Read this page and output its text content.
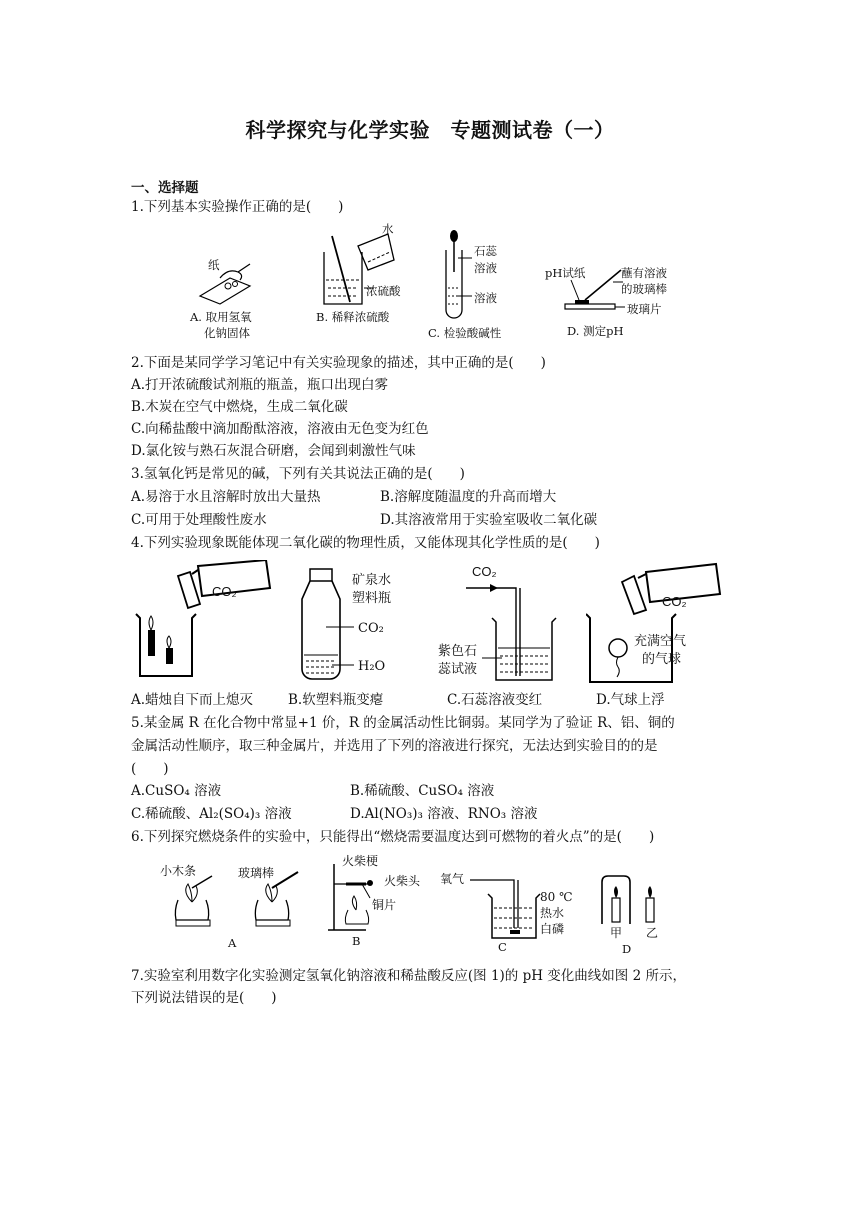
科学探究与化学实验　专题测试卷（一）
一、选择题
1.下列基本实验操作正确的是(　　)
纸
A. 取用氢氧
化钠固体
水
浓硫酸
B. 稀释浓硫酸
石蕊
溶液
溶液
C. 检验酸碱性
pH试纸	蘸有溶液
的玻璃棒
玻璃片
D. 测定pH
2.下面是某同学学习笔记中有关实验现象的描述，其中正确的是(　　)
A.打开浓硫酸试剂瓶的瓶盖，瓶口出现白雾
B.木炭在空气中燃烧，生成二氧化碳
C.向稀盐酸中滴加酚酞溶液，溶液由无色变为红色
D.氯化铵与熟石灰混合研磨，会闻到刺激性气味
3.氢氧化钙是常见的碱，下列有关其说法正确的是(　　)
A.易溶于水且溶解时放出大量热	B.溶解度随温度的升高而增大
C.可用于处理酸性废水	D.其溶液常用于实验室吸收二氧化碳
4.下列实验现象既能体现二氧化碳的物理性质，又能体现其化学性质的是(　　)
CO₂
矿泉水
塑料瓶
CO₂
H₂O
CO₂
紫色石
蕊试液
CO₂
充满空气
的气球
A.蜡烛自下而上熄灭	B.软塑料瓶变瘪	C.石蕊溶液变红	D.气球上浮
5.某金属 R 在化合物中常显+1 价，R 的金属活动性比铜弱。某同学为了验证 R、铝、铜的
金属活动性顺序，取三种金属片，并选用了下列的溶液进行探究，无法达到实验目的的是
(　　)
A.CuSO₄ 溶液	B.稀硫酸、CuSO₄ 溶液
C.稀硫酸、Al₂(SO₄)₃ 溶液	D.Al(NO₃)₃ 溶液、RNO₃ 溶液
6.下列探究燃烧条件的实验中，只能得出“燃烧需要温度达到可燃物的着火点”的是(　　)
小木条	玻璃棒
A
火柴梗
火柴头
铜片
B
氧气
80 ℃
热水
白磷
C
甲 乙
D
7.实验室利用数字化实验测定氢氧化钠溶液和稀盐酸反应(图 1)的 pH 变化曲线如图 2 所示，
下列说法错误的是(　　)
